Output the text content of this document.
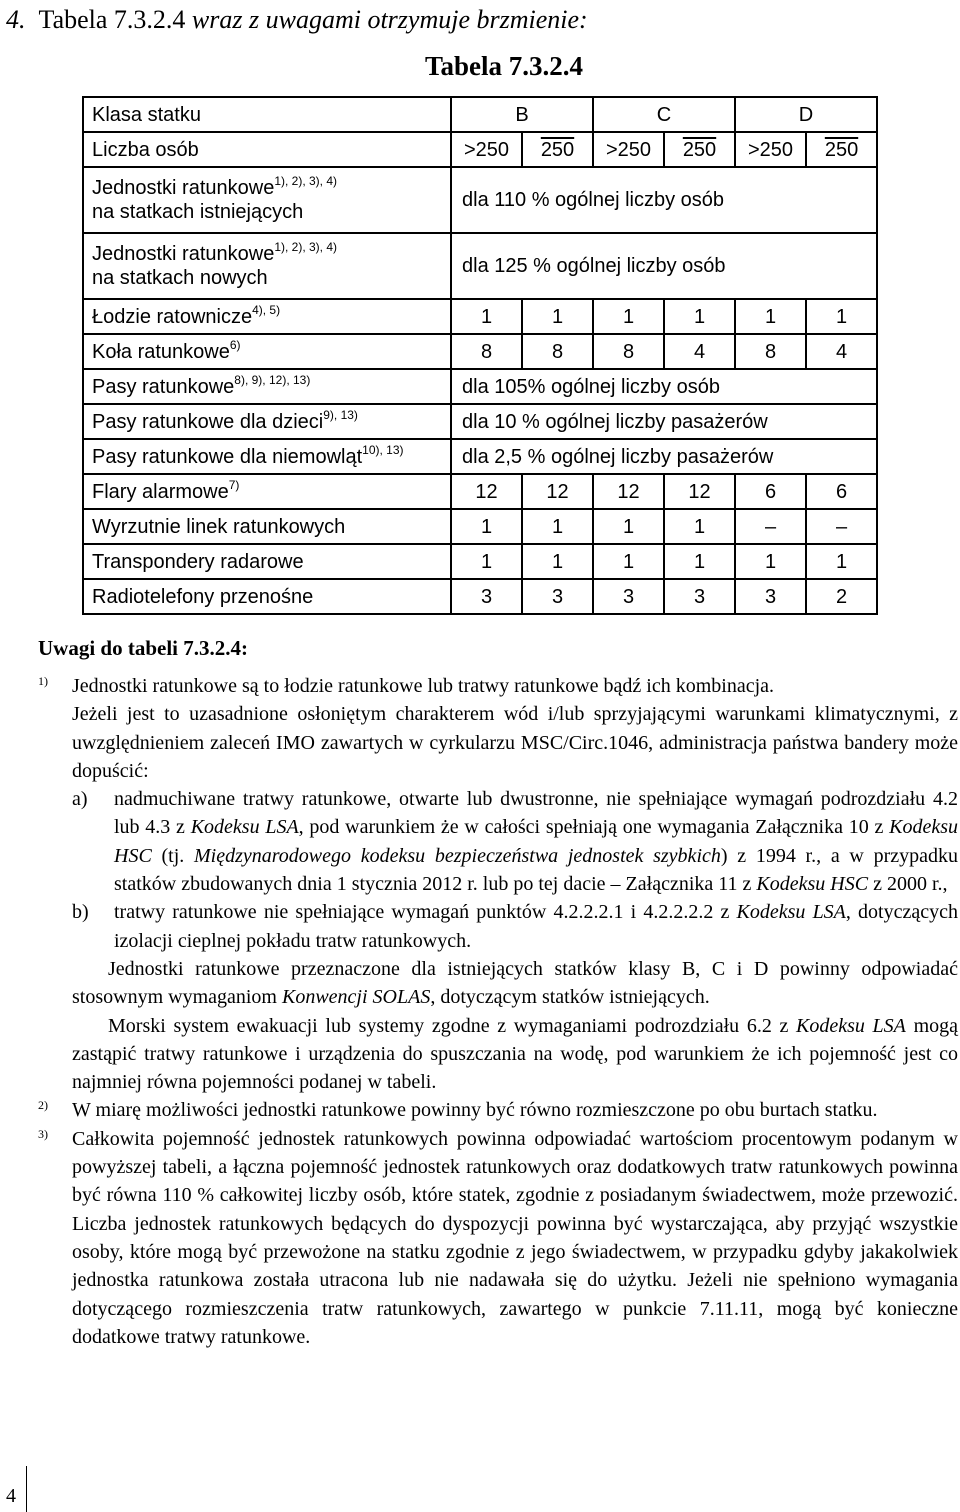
4. Tabela 7.3.2.4 wraz z uwagami otrzymuje brzmienie:
Tabela 7.3.2.4
Klasa statku	B		C		D	
Liczba osób	>250	250	>250	250	>250	250
Jednostki ratunkowe$^{1), 2), 3), 4)}$
na statkach istniejących	dla 110 % ogólnej liczby osób					
Jednostki ratunkowe$^{1), 2), 3), 4)}$
na statkach nowych	dla 125 % ogólnej liczby osób					
Łodzie ratownicze$^{4), 5)}$	1	1	1	1	1	1
Koła ratunkowe$^{6)}$	8	8	8	4	8	4
Pasy ratunkowe$^{8), 9), 12), 13)}$	dla 105% ogólnej liczby osób					
Pasy ratunkowe dla dzieci$^{9), 13)}$	dla 10 % ogólnej liczby pasażerów					
Pasy ratunkowe dla niemowląt$^{10), 13)}$	dla 2,5 % ogólnej liczby pasażerów					
Flary alarmowe$^{7)}$	12	12	12	12	6	6
Wyrzutnie linek ratunkowych	1	1	1	1	–	–
Transpondery radarowe	1	1	1	1	1	1
Radiotelefony przenośne	3	3	3	3	3	2
Uwagi do tabeli 7.3.2.4:
1) Jednostki ratunkowe są to łodzie ratunkowe lub tratwy ratunkowe bądź ich kombinacja.

Jeżeli jest to uzasadnione osłoniętym charakterem wód i/lub sprzyjającymi warunkami klimatycznymi, z uwzględnieniem zaleceń IMO zawartych w cyrkularzu MSC/Circ.1046, administracja państwa bandery może dopuścić:

a) nadmuchiwane tratwy ratunkowe, otwarte lub dwustronne, nie spełniające wymagań podrozdziału 4.2 lub 4.3 z Kodeksu LSA, pod warunkiem że w całości spełniają one wymagania Załącznika 10 z Kodeksu HSC (tj. Międzynarodowego kodeksu bezpieczeństwa jednostek szybkich) z 1994 r., a w przypadku statków zbudowanych dnia 1 stycznia 2012 r. lub po tej dacie – Załącznika 11 z Kodeksu HSC z 2000 r.,

b) tratwy ratunkowe nie spełniające wymagań punktów 4.2.2.2.1 i 4.2.2.2.2 z Kodeksu LSA, dotyczących izolacji cieplnej pokładu tratw ratunkowych.

Jednostki ratunkowe przeznaczone dla istniejących statków klasy B, C i D powinny odpowiadać stosownym wymaganiom Konwencji SOLAS, dotyczącym statków istniejących.

Morski system ewakuacji lub systemy zgodne z wymaganiami podrozdziału 6.2 z Kodeksu LSA mogą zastąpić tratwy ratunkowe i urządzenia do spuszczania na wodę, pod warunkiem że ich pojemność jest co najmniej równa pojemności podanej w tabeli.

2) W miarę możliwości jednostki ratunkowe powinny być równo rozmieszczone po obu burtach statku.

3) Całkowita pojemność jednostek ratunkowych powinna odpowiadać wartościom procentowym podanym w powyższej tabeli, a łączna pojemność jednostek ratunkowych oraz dodatkowych tratw ratunkowych powinna być równa 110 % całkowitej liczby osób, które statek, zgodnie z posiadanym świadectwem, może przewozić. Liczba jednostek ratunkowych będących do dyspozycji powinna być wystarczająca, aby przyjąć wszystkie osoby, które mogą być przewożone na statku zgodnie z jego świadectwem, w przypadku gdyby jakakolwiek jednostka ratunkowa została utracona lub nie nadawała się do użytku. Jeżeli nie spełniono wymagania dotyczącego rozmieszczenia tratw ratunkowych, zawartego w punkcie 7.11.11, mogą być konieczne dodatkowe tratwy ratunkowe.

4
